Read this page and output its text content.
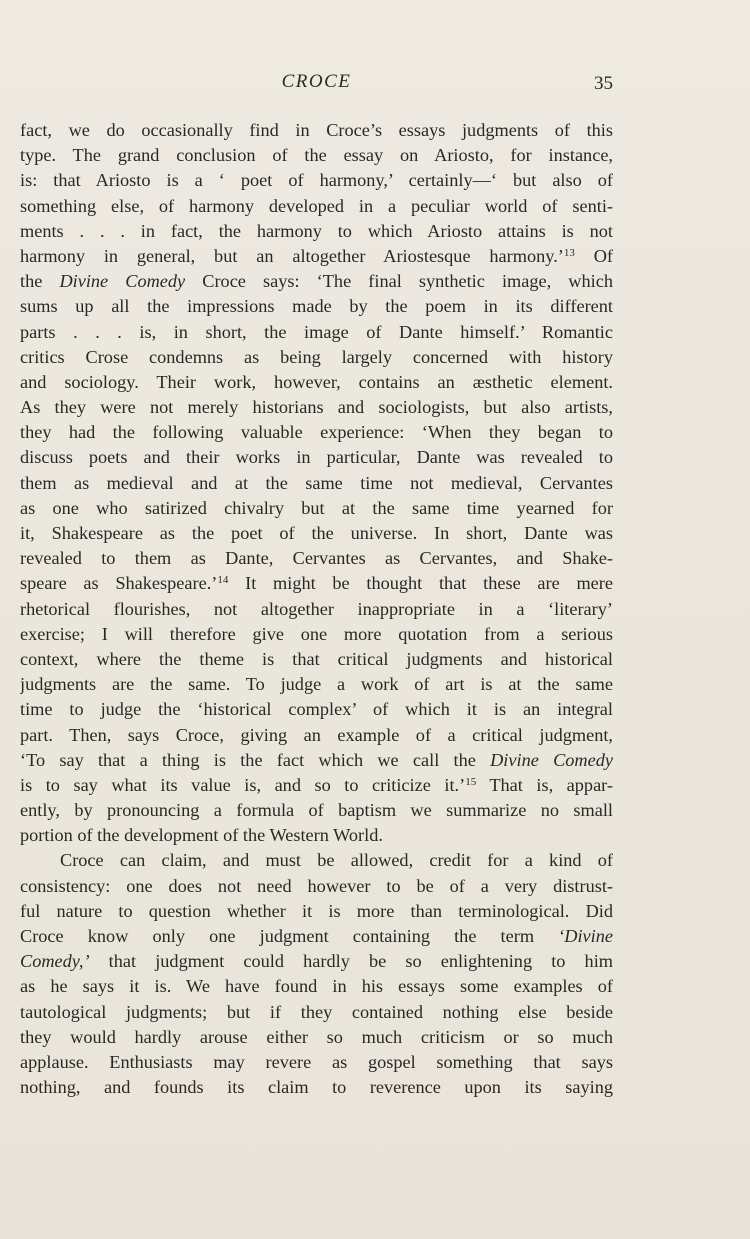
CROCE	35
fact, we do occasionally find in Croce’s essays judgments of this
type. The grand conclusion of the essay on Ariosto, for instance,
is: that Ariosto is a ‘ poet of harmony,’ certainly—‘ but also of
something else, of harmony developed in a peculiar world of senti-
ments . . . in fact, the harmony to which Ariosto attains is not
harmony in general, but an altogether Ariostesque harmony.’$^{13}$ Of
the Divine Comedy Croce says: ‘The final synthetic image, which
sums up all the impressions made by the poem in its different
parts . . . is, in short, the image of Dante himself.’ Romantic
critics Crose condemns as being largely concerned with history
and sociology. Their work, however, contains an æsthetic element.
As they were not merely historians and sociologists, but also artists,
they had the following valuable experience: ‘When they began to
discuss poets and their works in particular, Dante was revealed to
them as medieval and at the same time not medieval, Cervantes
as one who satirized chivalry but at the same time yearned for
it, Shakespeare as the poet of the universe. In short, Dante was
revealed to them as Dante, Cervantes as Cervantes, and Shake-
speare as Shakespeare.’$^{14}$ It might be thought that these are mere
rhetorical flourishes, not altogether inappropriate in a ‘literary’
exercise; I will therefore give one more quotation from a serious
context, where the theme is that critical judgments and historical
judgments are the same. To judge a work of art is at the same
time to judge the ‘historical complex’ of which it is an integral
part. Then, says Croce, giving an example of a critical judgment,
‘To say that a thing is the fact which we call the Divine Comedy
is to say what its value is, and so to criticize it.’$^{15}$ That is, appar-
ently, by pronouncing a formula of baptism we summarize no small
portion of the development of the Western World.
Croce can claim, and must be allowed, credit for a kind of
consistency: one does not need however to be of a very distrust-
ful nature to question whether it is more than terminological. Did
Croce know only one judgment containing the term ‘Divine
Comedy,’ that judgment could hardly be so enlightening to him
as he says it is. We have found in his essays some examples of
tautological judgments; but if they contained nothing else beside
they would hardly arouse either so much criticism or so much
applause. Enthusiasts may revere as gospel something that says
nothing, and founds its claim to reverence upon its saying
